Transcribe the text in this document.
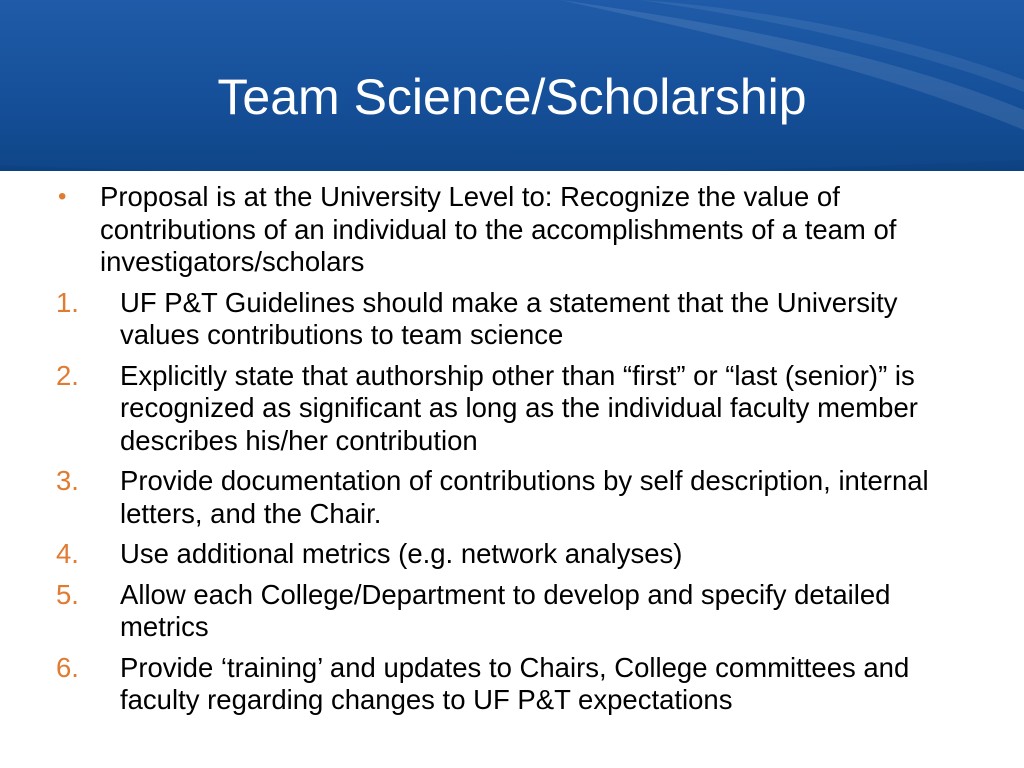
Team Science/Scholarship
• Proposal is at the University Level to: Recognize the value of contributions of an individual to the accomplishments of a team of investigators/scholars
1. UF P&T Guidelines should make a statement that the University values contributions to team science
2. Explicitly state that authorship other than “first” or “last (senior)” is recognized as significant as long as the individual faculty member describes his/her contribution
3. Provide documentation of contributions by self description, internal letters, and the Chair.
4. Use additional metrics (e.g. network analyses)
5. Allow each College/Department to develop and specify detailed metrics
6. Provide ‘training’ and updates to Chairs, College committees and faculty regarding changes to UF P&T expectations
